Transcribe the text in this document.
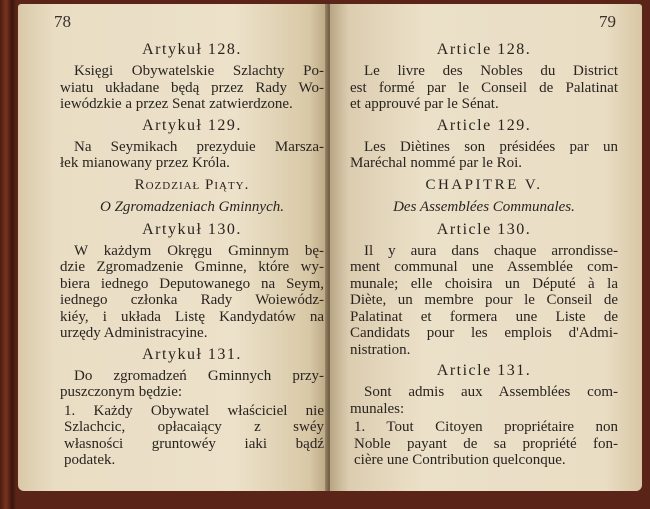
78
Artykuł 128.
Księgi Obywatelskie Szlachty Po-
wiatu układane będą przez Rady Wo-
iewódzkie a przez Senat zatwierdzone.
Artykuł 129.
Na Seymikach prezyduie Marsza-
łek mianowany przez Króla.
Rozdział Piąty.
O Zgromadzeniach Gminnych.
Artykuł 130.
W każdym Okręgu Gminnym bę-
dzie Zgromadzenie Gminne, które wy-
biera iednego Deputowanego na Seym,
iednego członka Rady Woiewódz-
kiéy, i układa Listę Kandydatów na
urzędy Administracyine.
Artykuł 131.
Do zgromadzeń Gminnych przy-
puszczonym będzie:
1. Każdy Obywatel właściciel nie
Szlachcic, opłacaiący z swéy
własności gruntowéy iaki bądź
podatek.
79
Article 128.
Le livre des Nobles du District
est formé par le Conseil de Palatinat
et approuvé par le Sénat.
Article 129.
Les Diètines son présidées par un
Maréchal nommé par le Roi.
CHAPITRE V.
Des Assemblées Communales.
Article 130.
Il y aura dans chaque arrondisse-
ment communal une Assemblée com-
munale; elle choisira un Député à la
Diète, un membre pour le Conseil de
Palatinat et formera une Liste de
Candidats pour les emplois d'Admi-
nistration.
Article 131.
Sont admis aux Assemblées com-
munales:
1. Tout Citoyen propriétaire non
Noble payant de sa propriété fon-
cière une Contribution quelconque.
